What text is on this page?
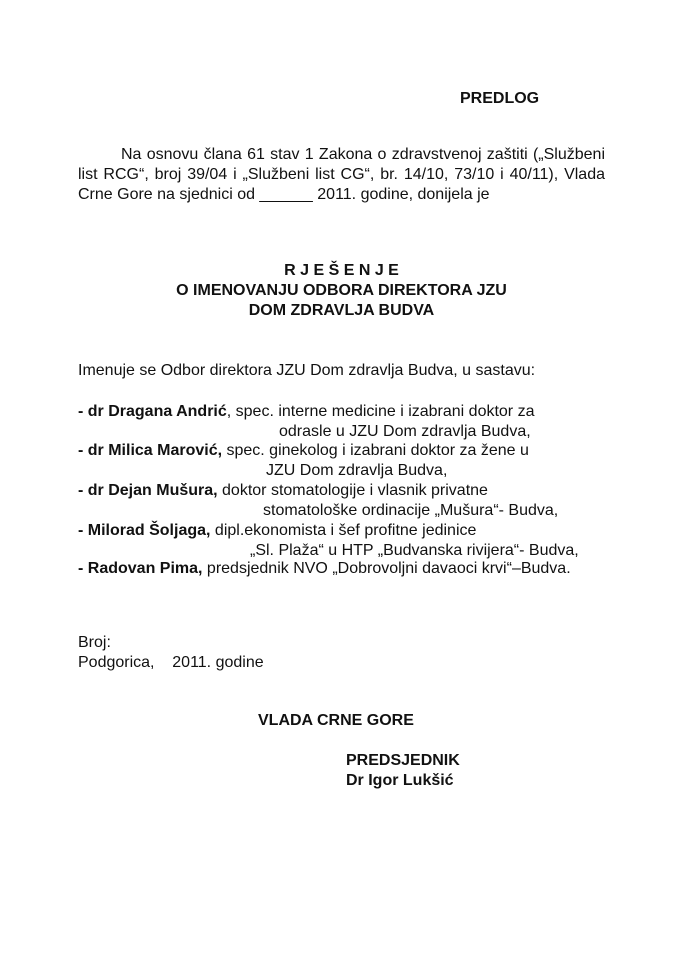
PREDLOG
Na osnovu člana 61 stav 1 Zakona o zdravstvenoj zaštiti („Službeni list RCG“, broj 39/04 i „Službeni list CG“, br. 14/10, 73/10 i 40/11), Vlada Crne Gore na sjednici od ______ 2011. godine, donijela je
R J E Š E N J E
O IMENOVANJU ODBORA DIREKTORA JZU
DOM ZDRAVLJA BUDVA
Imenuje se Odbor direktora JZU Dom zdravlja Budva, u sastavu:
- dr Dragana Andrić, spec. interne medicine i izabrani doktor za
odrasle u JZU Dom zdravlja Budva,
- dr Milica Marović, spec. ginekolog i izabrani doktor za žene u
JZU Dom zdravlja Budva,
- dr Dejan Mušura, doktor stomatologije i vlasnik privatne
stomatološke ordinacije „Mušura“- Budva,
- Milorad Šoljaga, dipl.ekonomista i šef profitne jedinice
„Sl. Plaža“ u HTP „Budvanska rivijera“- Budva,
- Radovan Pima, predsjednik NVO „Dobrovoljni davaoci krvi“–Budva.
Broj:
Podgorica,    2011. godine
VLADA CRNE GORE
PREDSJEDNIK
Dr Igor Lukšić
